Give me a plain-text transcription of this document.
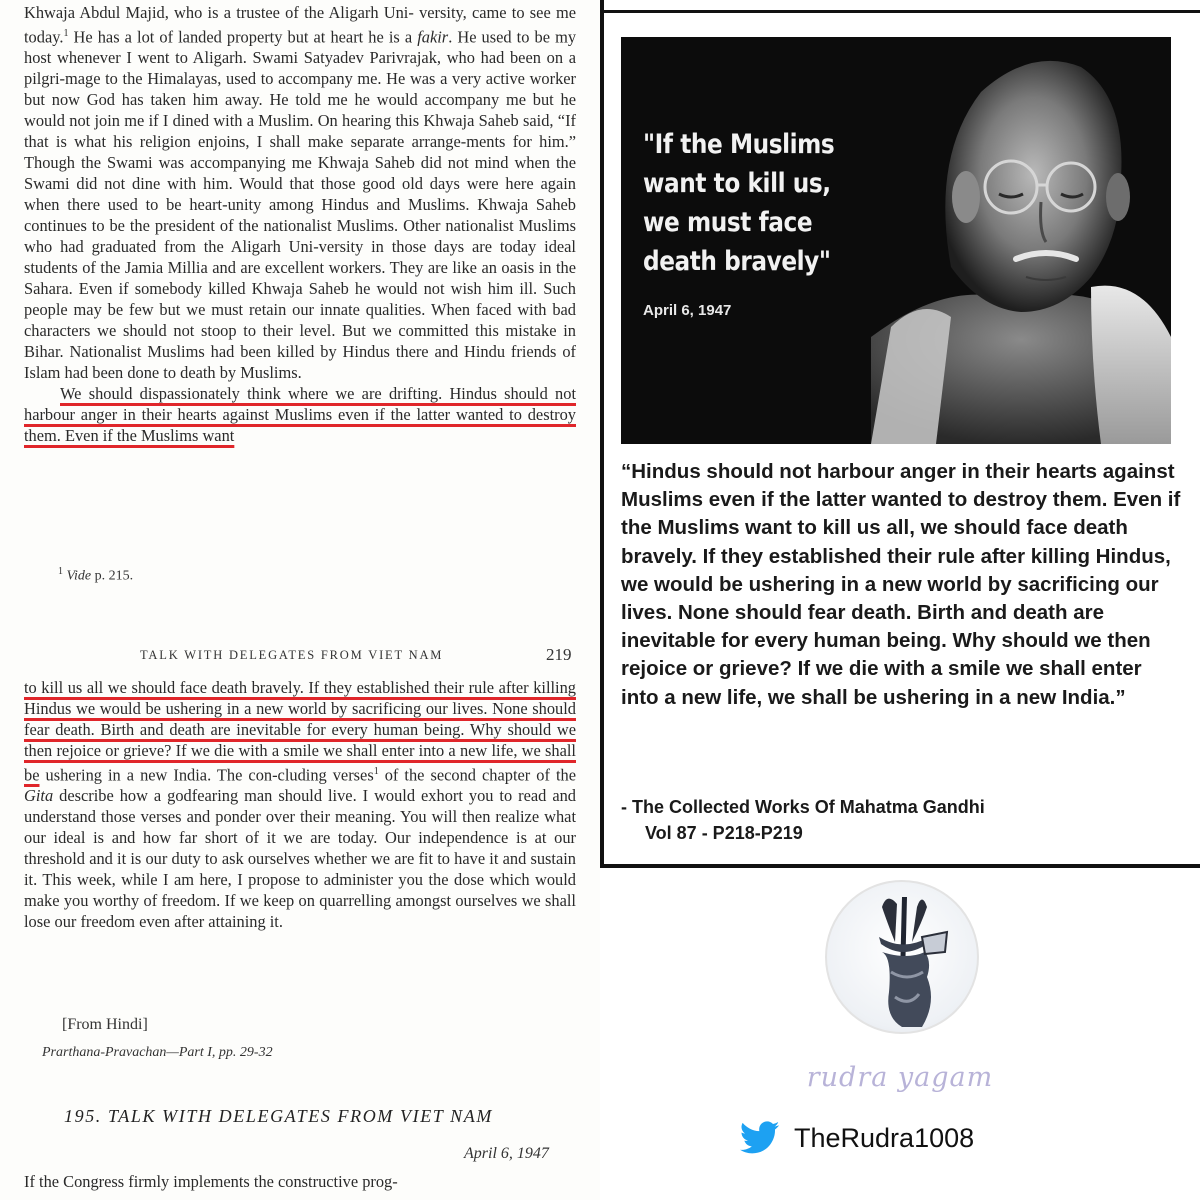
Khwaja Abdul Majid, who is a trustee of the Aligarh Uni- versity, came to see me today.$^1$ He has a lot of landed property but at heart he is a fakir. He used to be my host whenever I went to Aligarh. Swami Satyadev Parivrajak, who had been on a pilgri-mage to the Himalayas, used to accompany me. He was a very active worker but now God has taken him away. He told me he would accompany me but he would not join me if I dined with a Muslim. On hearing this Khwaja Saheb said, “If that is what his religion enjoins, I shall make separate arrange-ments for him.” Though the Swami was accompanying me Khwaja Saheb did not mind when the Swami did not dine with him. Would that those good old days were here again when there used to be heart-unity among Hindus and Muslims. Khwaja Saheb continues to be the president of the nationalist Muslims. Other nationalist Muslims who had graduated from the Aligarh Uni-versity in those days are today ideal students of the Jamia Millia and are excellent workers. They are like an oasis in the Sahara. Even if somebody killed Khwaja Saheb he would not wish him ill. Such people may be few but we must retain our innate qualities. When faced with bad characters we should not stoop to their level. But we committed this mistake in Bihar. Nationalist Muslims had been killed by Hindus there and Hindu friends of Islam had been done to death by Muslims.

We should dispassionately think where we are drifting. Hindus should not harbour anger in their hearts against Muslims even if the latter wanted to destroy them. Even if the Muslims want

$^1$ Vide p. 215.
TALK WITH DELEGATES FROM VIET NAM	219

to kill us all we should face death bravely. If they established their rule after killing Hindus we would be ushering in a new world by sacrificing our lives. None should fear death. Birth and death are inevitable for every human being. Why should we then rejoice or grieve? If we die with a smile we shall enter into a new life, we shall be ushering in a new India. The con-cluding verses$^1$ of the second chapter of the Gita describe how a godfearing man should live. I would exhort you to read and understand those verses and ponder over their meaning. You will then realize what our ideal is and how far short of it we are today. Our independence is at our threshold and it is our duty to ask ourselves whether we are fit to have it and sustain it. This week, while I am here, I propose to administer you the dose which would make you worthy of freedom. If we keep on quarrelling amongst ourselves we shall lose our freedom even after attaining it.

[From Hindi]
Prarthana-Pravachan—Part I, pp. 29-32
195. TALK WITH DELEGATES FROM VIET NAM
April 6, 1947
If the Congress firmly implements the constructive prog-
"If the Muslims want to kill us, we must face death bravely"
April 6, 1947
“Hindus should not harbour anger in their hearts against Muslims even if the latter wanted to destroy them. Even if the Muslims want to kill us all, we should face death bravely. If they established their rule after killing Hindus, we would be ushering in a new world by sacrificing our lives. None should fear death. Birth and death are inevitable for every human being. Why should we then rejoice or grieve? If we die with a smile we shall enter into a new life, we shall be ushering in a new India.”
- The Collected Works Of Mahatma Gandhi
Vol 87 - P218-P219
rudra yagam
TheRudra1008
